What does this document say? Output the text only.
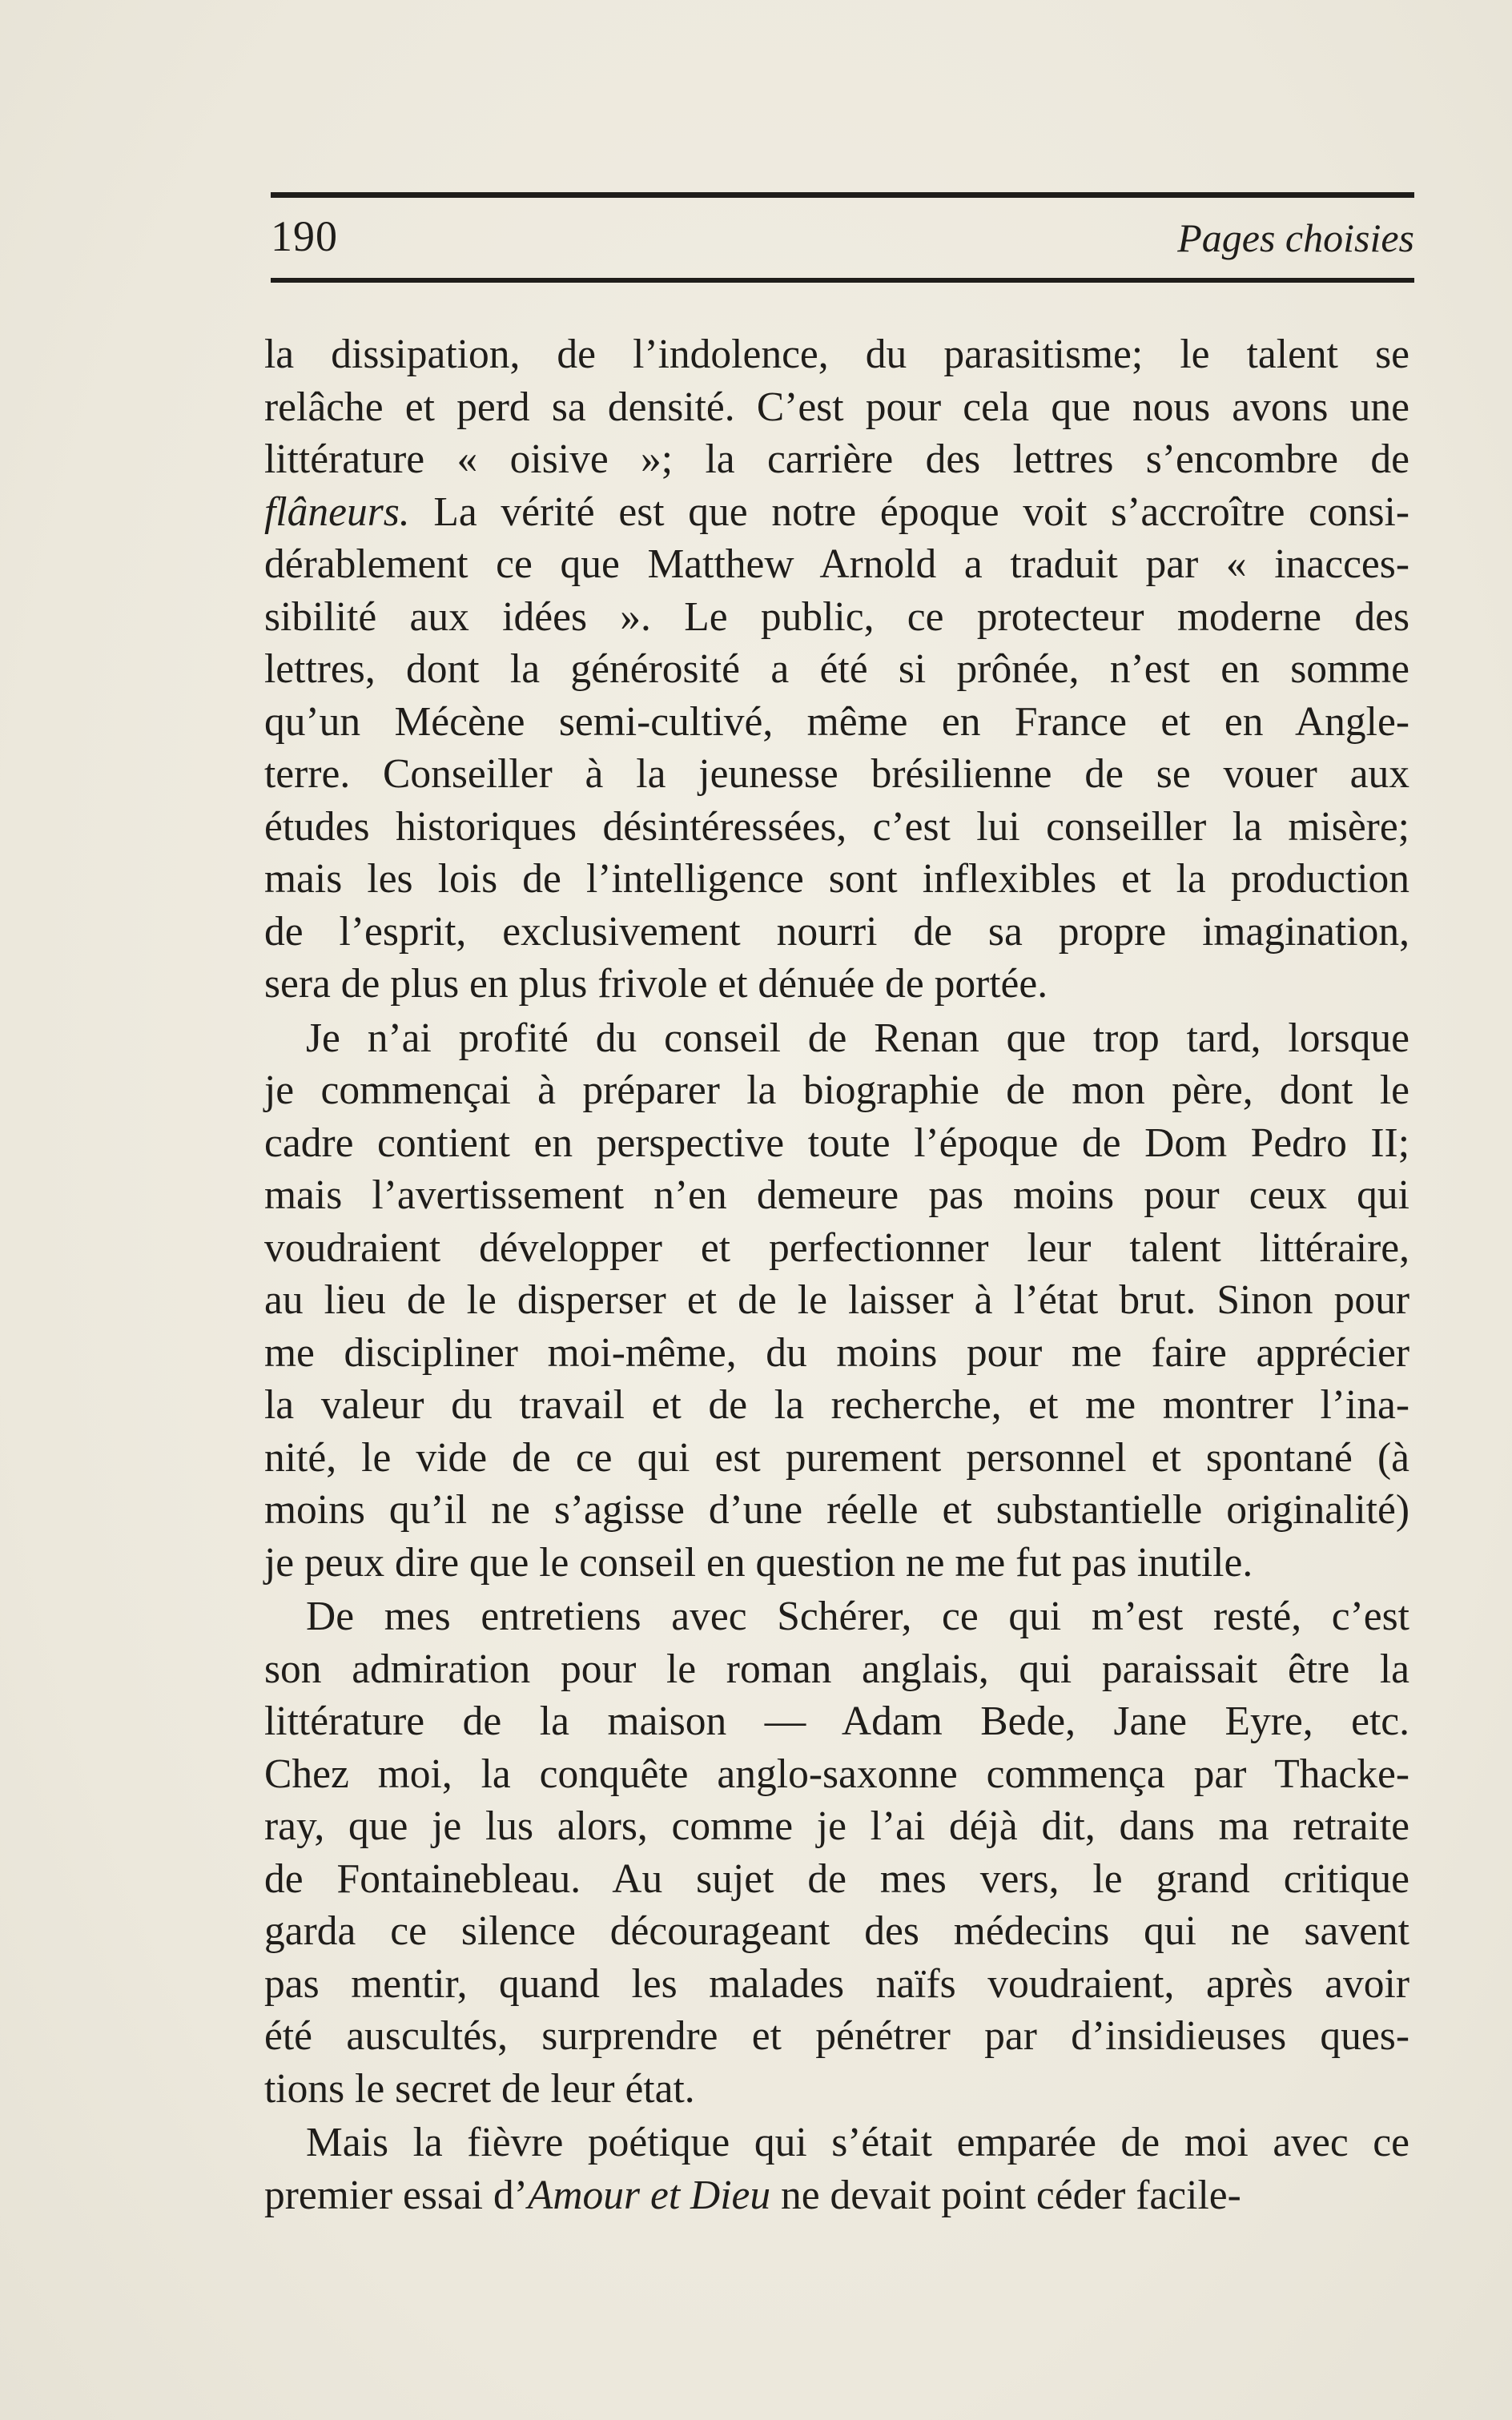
190	Pages choisies
la dissipation, de l’indolence, du parasitisme; le talent se
relâche et perd sa densité. C’est pour cela que nous avons une
littérature « oisive »; la carrière des lettres s’encombre de
flâneurs. La vérité est que notre époque voit s’accroître consi-
dérablement ce que Matthew Arnold a traduit par « inacces-
sibilité aux idées ». Le public, ce protecteur moderne des
lettres, dont la générosité a été si prônée, n’est en somme
qu’un Mécène semi-cultivé, même en France et en Angle-
terre. Conseiller à la jeunesse brésilienne de se vouer aux
études historiques désintéressées, c’est lui conseiller la misère;
mais les lois de l’intelligence sont inflexibles et la production
de l’esprit, exclusivement nourri de sa propre imagination,
sera de plus en plus frivole et dénuée de portée.
Je n’ai profité du conseil de Renan que trop tard, lorsque
je commençai à préparer la biographie de mon père, dont le
cadre contient en perspective toute l’époque de Dom Pedro II;
mais l’avertissement n’en demeure pas moins pour ceux qui
voudraient développer et perfectionner leur talent littéraire,
au lieu de le disperser et de le laisser à l’état brut. Sinon pour
me discipliner moi-même, du moins pour me faire apprécier
la valeur du travail et de la recherche, et me montrer l’ina-
nité, le vide de ce qui est purement personnel et spontané (à
moins qu’il ne s’agisse d’une réelle et substantielle originalité)
je peux dire que le conseil en question ne me fut pas inutile.
De mes entretiens avec Schérer, ce qui m’est resté, c’est
son admiration pour le roman anglais, qui paraissait être la
littérature de la maison — Adam Bede, Jane Eyre, etc.
Chez moi, la conquête anglo-saxonne commença par Thacke-
ray, que je lus alors, comme je l’ai déjà dit, dans ma retraite
de Fontainebleau. Au sujet de mes vers, le grand critique
garda ce silence décourageant des médecins qui ne savent
pas mentir, quand les malades naïfs voudraient, après avoir
été auscultés, surprendre et pénétrer par d’insidieuses ques-
tions le secret de leur état.
Mais la fièvre poétique qui s’était emparée de moi avec ce
premier essai d’Amour et Dieu ne devait point céder facile-
